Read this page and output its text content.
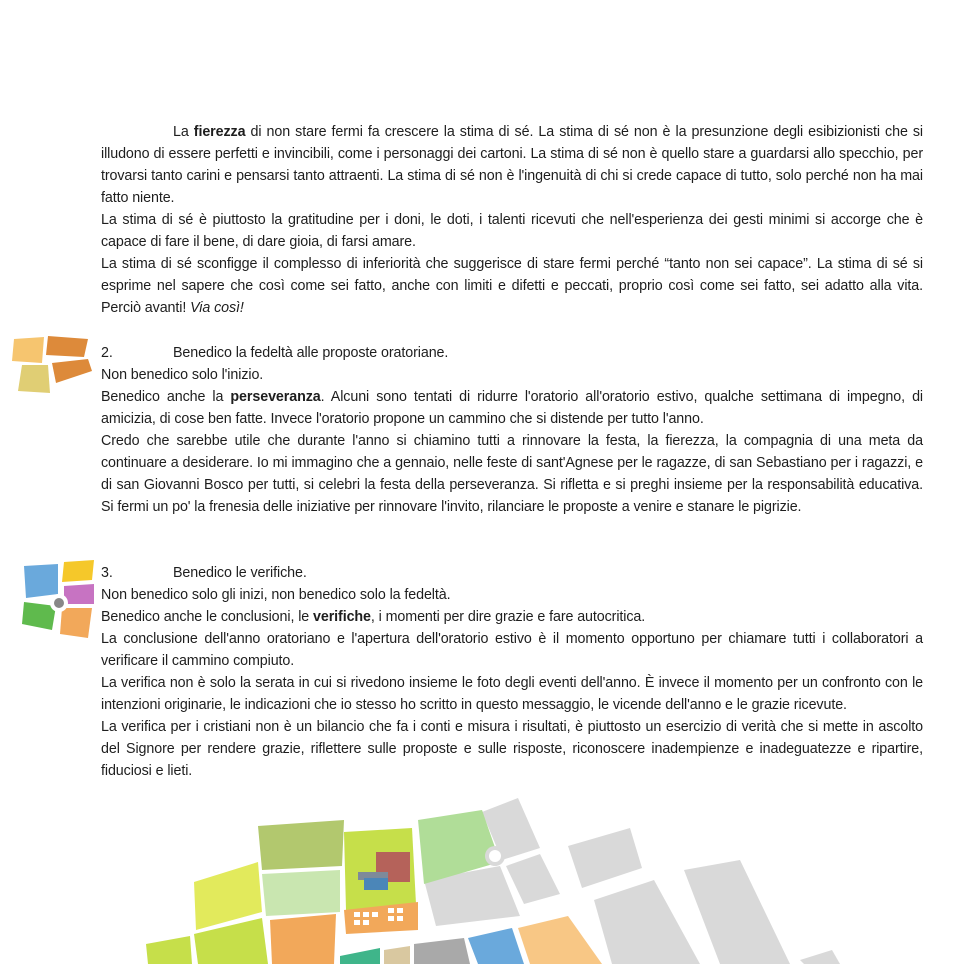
La fierezza di non stare fermi fa crescere la stima di sé. La stima di sé non è la presunzione degli esibizionisti che si illudono di essere perfetti e invincibili, come i personaggi dei cartoni. La stima di sé non è quello stare a guardarsi allo specchio, per trovarsi tanto carini e pensarsi tanto attraenti. La stima di sé non è l'ingenuità di chi si crede capace di tutto, solo perché non ha mai fatto niente.

La stima di sé è piuttosto la gratitudine per i doni, le doti, i talenti ricevuti che nell'esperienza dei gesti minimi si accorge che è capace di fare il bene, di dare gioia, di farsi amare.

La stima di sé sconfigge il complesso di inferiorità che suggerisce di stare fermi perché “tanto non sei capace”. La stima di sé si esprime nel sapere che così come sei fatto, anche con limiti e difetti e peccati, proprio così come sei fatto, sei adatto alla vita. Perciò avanti! Via così!

2.	Benedico la fedeltà alle proposte oratoriane.

Non benedico solo l'inizio.

Benedico anche la perseveranza. Alcuni sono tentati di ridurre l'oratorio all'oratorio estivo, qualche settimana di impegno, di amicizia, di cose ben fatte. Invece l'oratorio propone un cammino che si distende per tutto l'anno.

Credo che sarebbe utile che durante l'anno si chiamino tutti a rinnovare la festa, la fierezza, la compagnia di una meta da continuare a desiderare. Io mi immagino che a gennaio, nelle feste di sant'Agnese per le ragazze, di san Sebastiano per i ragazzi, e di san Giovanni Bosco per tutti, si celebri la festa della perseveranza. Si rifletta e si preghi insieme per la responsabilità educativa. Si fermi un po' la frenesia delle iniziative per rinnovare l'invito, rilanciare le proposte a venire e stanare le pigrizie.

3.	Benedico le verifiche.

Non benedico solo gli inizi, non benedico solo la fedeltà.

Benedico anche le conclusioni, le verifiche, i momenti per dire grazie e fare autocritica.

La conclusione dell'anno oratoriano e l'apertura dell'oratorio estivo è il momento opportuno per chiamare tutti i collaboratori a verificare il cammino compiuto.

La verifica non è solo la serata in cui si rivedono insieme le foto degli eventi dell'anno. È invece il momento per un confronto con le intenzioni originarie, le indicazioni che io stesso ho scritto in questo messaggio, le vicende dell'anno e le grazie ricevute.

La verifica per i cristiani non è un bilancio che fa i conti e misura i risultati, è piuttosto un esercizio di verità che si mette in ascolto del Signore per rendere grazie, riflettere sulle proposte e sulle risposte, riconoscere inadempienze e inadeguatezze e ripartire, fiduciosi e lieti.
